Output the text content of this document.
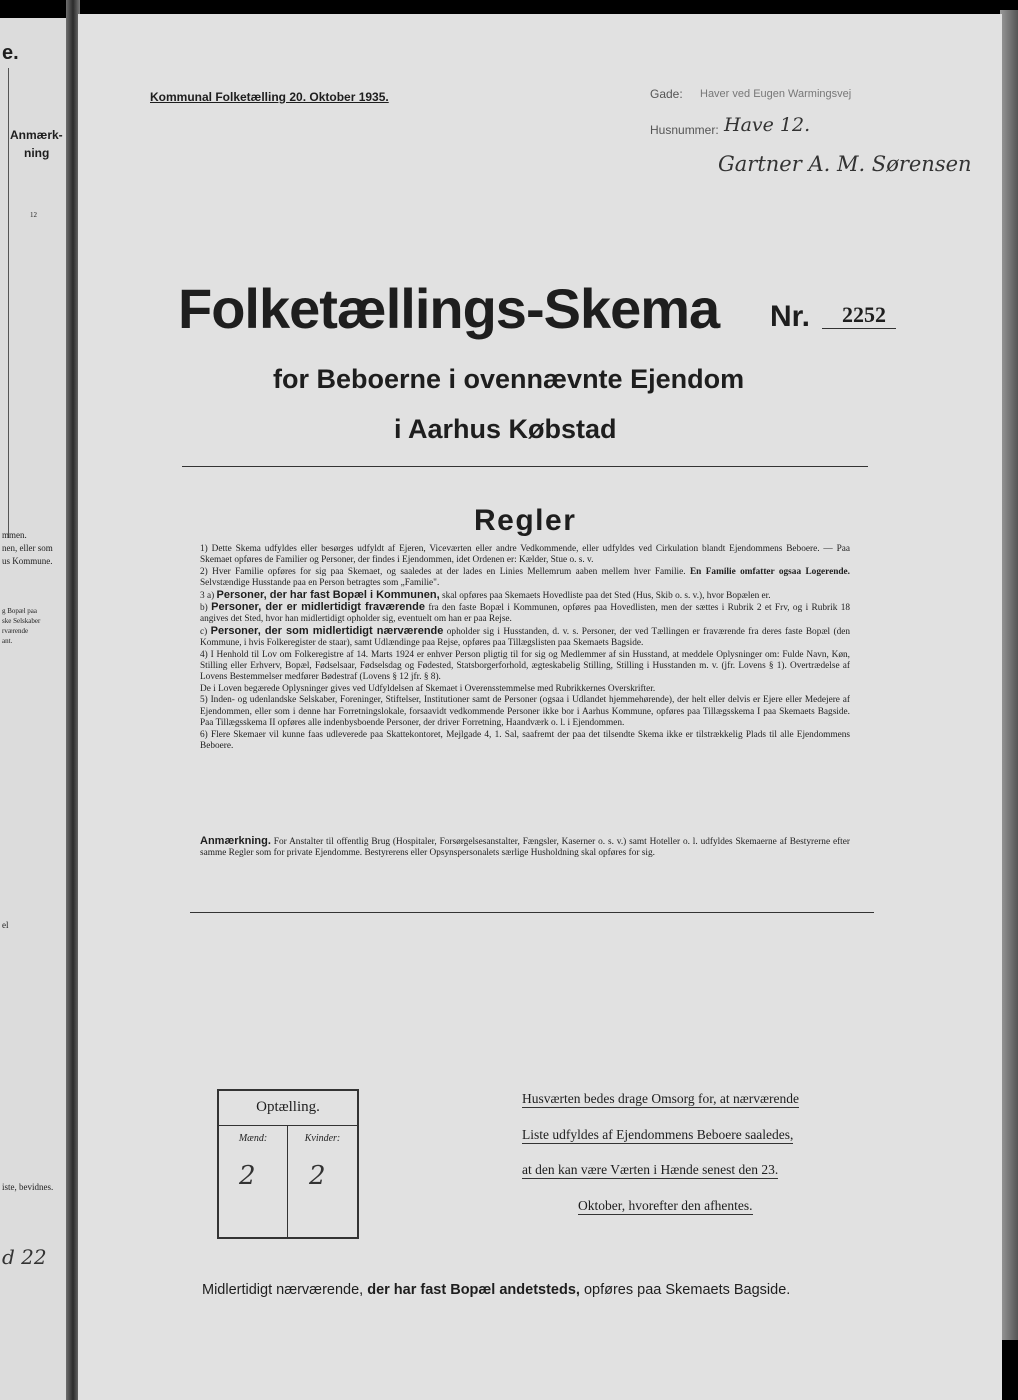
e.
Anmærk-
ning
12
mmen.
nen, eller som
us Kommune.
g Bopæl paa
ske Selskaber
rværende
ant.
el
iste, bevidnes.
d 22
Kommunal Folketælling 20. Oktober 1935.	Gade: Haver ved Eugen Warmingsvej
Husnummer: Have 12.
Gartner A. M. Sørensen
Folketællings-Skema Nr. 2252
for Beboerne i ovennævnte Ejendom
i Aarhus Købstad
Regler

1) Dette Skema udfyldes eller besørges udfyldt af Ejeren, Viceværten eller andre Vedkommende, eller udfyldes ved Cirkulation blandt Ejendommens Beboere. — Paa Skemaet opføres de Familier og Personer, der findes i Ejendommen, idet Ordenen er: Kælder, Stue o. s. v.

2) Hver Familie opføres for sig paa Skemaet, og saaledes at der lades en Linies Mellemrum aaben mellem hver Familie. En Familie omfatter ogsaa Logerende. Selvstændige Husstande paa en Person betragtes som „Familie".

3 a) Personer, der har fast Bopæl i Kommunen, skal opføres paa Skemaets Hovedliste paa det Sted (Hus, Skib o. s. v.), hvor Bopælen er.

b) Personer, der er midlertidigt fraværende fra den faste Bopæl i Kommunen, opføres paa Hovedlisten, men der sættes i Rubrik 2 et Frv, og i Rubrik 18 angives det Sted, hvor han midlertidigt opholder sig, eventuelt om han er paa Rejse.

c) Personer, der som midlertidigt nærværende opholder sig i Husstanden, d. v. s. Personer, der ved Tællingen er fraværende fra deres faste Bopæl (den Kommune, i hvis Folkeregister de staar), samt Udlændinge paa Rejse, opføres paa Tillægslisten paa Skemaets Bagside.

4) I Henhold til Lov om Folkeregistre af 14. Marts 1924 er enhver Person pligtig til for sig og Medlemmer af sin Husstand, at meddele Oplysninger om: Fulde Navn, Køn, Stilling eller Erhverv, Bopæl, Fødselsaar, Fødselsdag og Fødested, Statsborgerforhold, ægteskabelig Stilling, Stilling i Husstanden m. v. (jfr. Lovens § 1). Overtrædelse af Lovens Bestemmelser medfører Bødestraf (Lovens § 12 jfr. § 8).

De i Loven begærede Oplysninger gives ved Udfyldelsen af Skemaet i Overensstemmelse med Rubrikkernes Overskrifter.

5) Inden- og udenlandske Selskaber, Foreninger, Stiftelser, Institutioner samt de Personer (ogsaa i Udlandet hjemmehørende), der helt eller delvis er Ejere eller Medejere af Ejendommen, eller som i denne har Forretningslokale, forsaavidt vedkommende Personer ikke bor i Aarhus Kommune, opføres paa Tillægsskema I paa Skemaets Bagside. Paa Tillægsskema II opføres alle indenbysboende Personer, der driver Forretning, Haandværk o. l. i Ejendommen.

6) Flere Skemaer vil kunne faas udleverede paa Skattekontoret, Mejlgade 4, 1. Sal, saafremt der paa det tilsendte Skema ikke er tilstrækkelig Plads til alle Ejendommens Beboere.

Anmærkning. For Anstalter til offentlig Brug (Hospitaler, Forsørgelsesanstalter, Fængsler, Kaserner o. s. v.) samt Hoteller o. l. udfyldes Skemaerne af Bestyrerne efter samme Regler som for private Ejendomme. Bestyrerens eller Opsynspersonalets særlige Husholdning skal opføres for sig.

Optælling.
Mænd:	Kvinder:
2 2
Husværten bedes drage Omsorg for, at nærværende
Liste udfyldes af Ejendommens Beboere saaledes,
at den kan være Værten i Hænde senest den 23.
Oktober, hvorefter den afhentes.
Midlertidigt nærværende, der har fast Bopæl andetsteds, opføres paa Skemaets Bagside.
